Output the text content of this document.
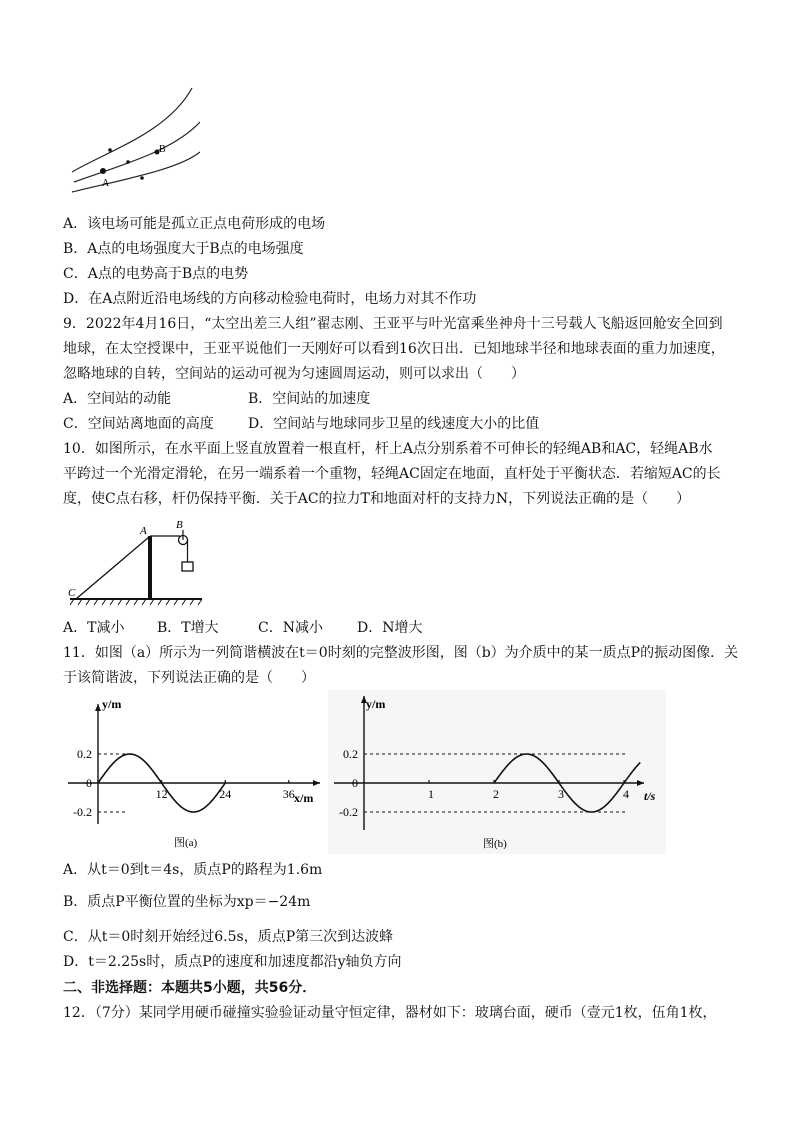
A
B
A．该电场可能是孤立正点电荷形成的电场
B．A点的电场强度大于B点的电场强度
C．A点的电势高于B点的电势
D．在A点附近沿电场线的方向移动检验电荷时，电场力对其不作功
9．2022年4月16日，“太空出差三人组”翟志刚、王亚平与叶光富乘坐神舟十三号载人飞船返回舱安全回到
地球，在太空授课中，王亚平说他们一天刚好可以看到16次日出．已知地球半径和地球表面的重力加速度，
忽略地球的自转，空间站的运动可视为匀速圆周运动，则可以求出（　　）
A．空间站的动能	B．空间站的加速度
C．空间站离地面的高度 D．空间站与地球同步卫星的线速度大小的比值
10．如图所示，在水平面上竖直放置着一根直杆，杆上A点分别系着不可伸长的轻绳AB和AC，轻绳AB水
平跨过一个光滑定滑轮，在另一端系着一个重物，轻绳AC固定在地面，直杆处于平衡状态．若缩短AC的长
度，使C点右移，杆仍保持平衡．关于AC的拉力T和地面对杆的支持力N，下列说法正确的是（　　）
A	B
C
A．T减小 B．T增大	C．N减小 D．N增大
11．如图（a）所示为一列简谐横波在t＝0时刻的完整波形图，图（b）为介质中的某一质点P的振动图像．关
于该简谐波，下列说法正确的是（　　）
y/m
x/m
图(a)
0.2
-0.2
12	24	36
0
y/m
t/s
图(b)
0.2
0
-0.2
1	2	3	4
A．从t＝0到t＝4s，质点P的路程为1.6m
B．质点P平衡位置的坐标为xp＝−24m
C．从t＝0时刻开始经过6.5s，质点P第三次到达波蜂
D．t＝2.25s时，质点P的速度和加速度都沿y轴负方向
二、非选择题：本题共5小题，共56分．
12．（7分）某同学用硬币碰撞实验验证动量守恒定律，器材如下：玻璃台面，硬币（壹元1枚，伍角1枚，
